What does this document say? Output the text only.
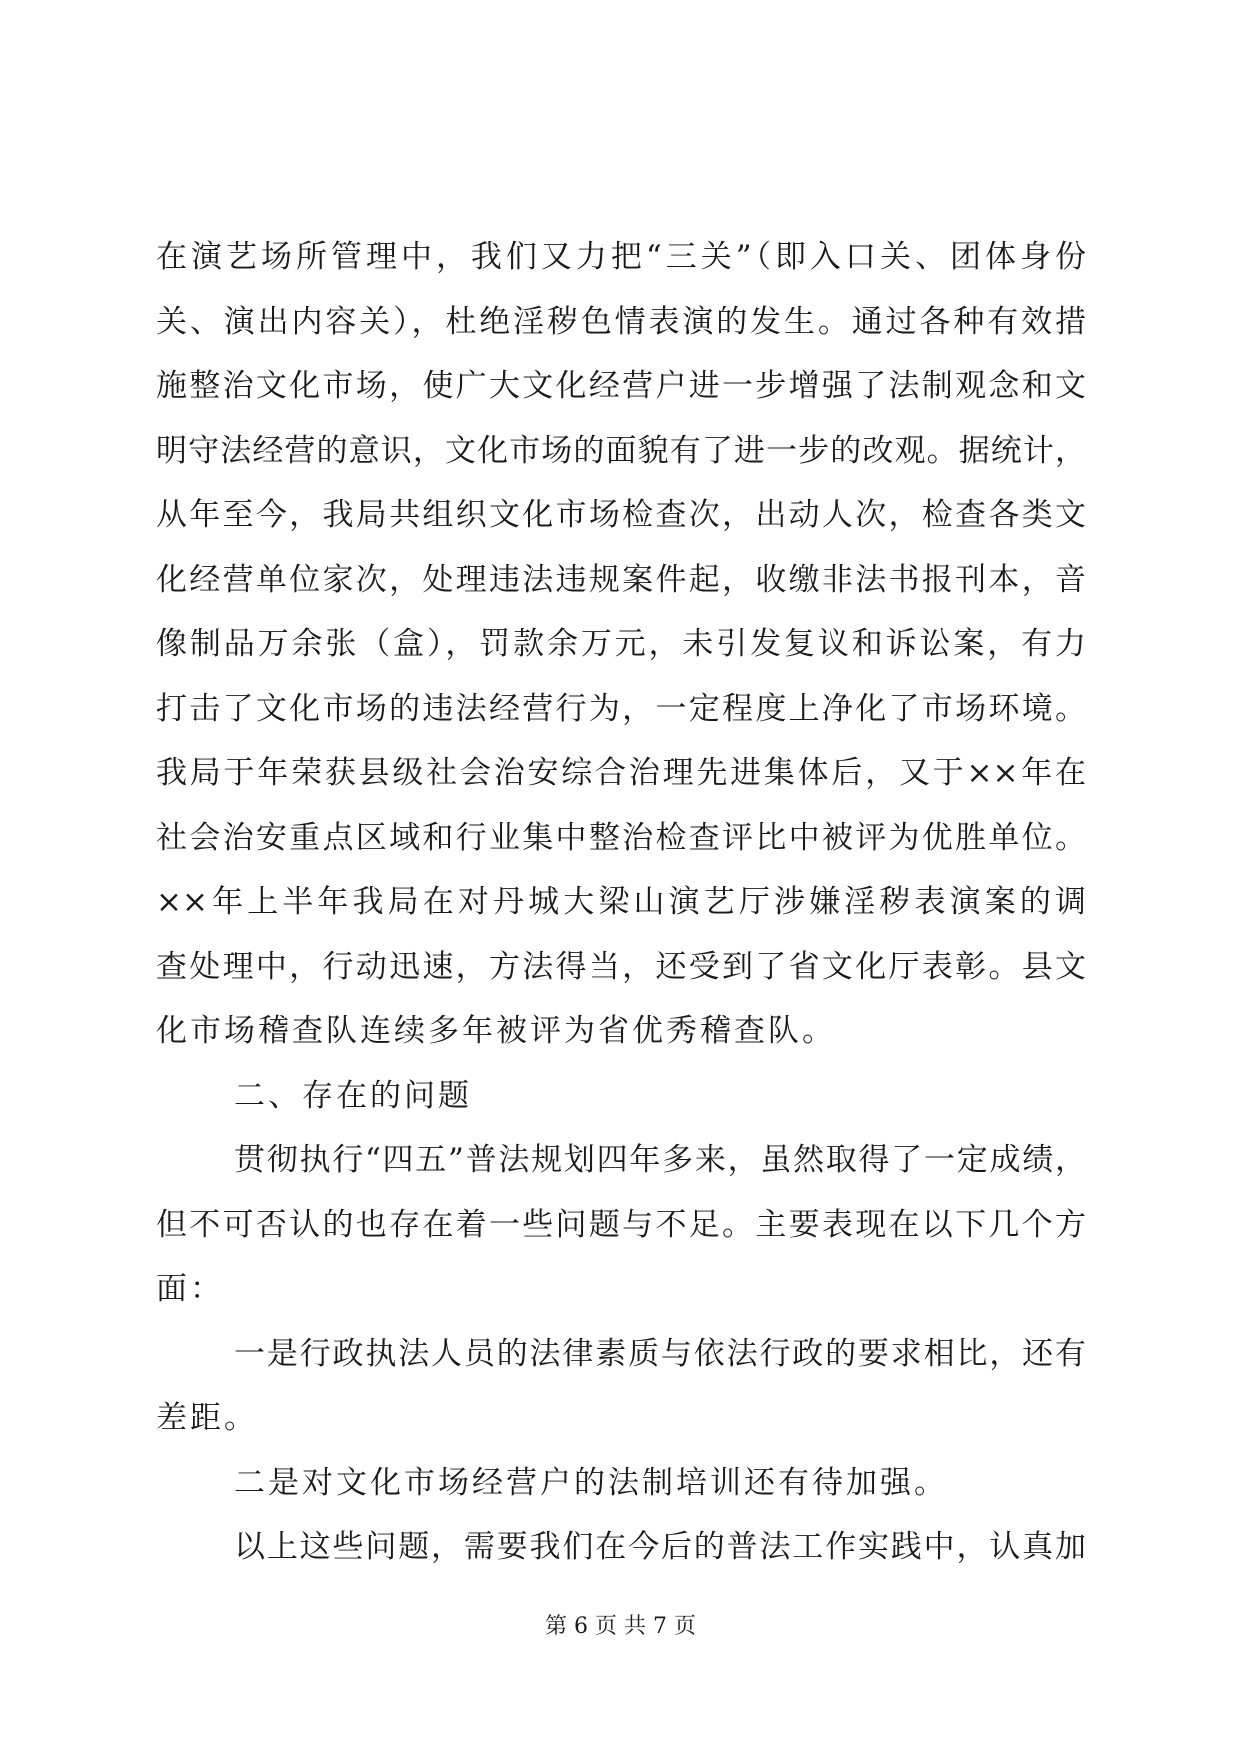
在演艺场所管理中，我们又力把“三关”（即入口关、团体身份
关、演出内容关），杜绝淫秽色情表演的发生。通过各种有效措
施整治文化市场，使广大文化经营户进一步增强了法制观念和文
明守法经营的意识，文化市场的面貌有了进一步的改观。据统计，
从年至今，我局共组织文化市场检查次，出动人次，检查各类文
化经营单位家次，处理违法违规案件起，收缴非法书报刊本，音
像制品万余张（盒），罚款余万元，未引发复议和诉讼案，有力
打击了文化市场的违法经营行为，一定程度上净化了市场环境。
我局于年荣获县级社会治安综合治理先进集体后，又于××年在
社会治安重点区域和行业集中整治检查评比中被评为优胜单位。
××年上半年我局在对丹城大梁山演艺厅涉嫌淫秽表演案的调
查处理中，行动迅速，方法得当，还受到了省文化厅表彰。县文
化市场稽查队连续多年被评为省优秀稽查队。
二、存在的问题
贯彻执行“四五”普法规划四年多来，虽然取得了一定成绩，
但不可否认的也存在着一些问题与不足。主要表现在以下几个方
面：
一是行政执法人员的法律素质与依法行政的要求相比，还有
差距。
二是对文化市场经营户的法制培训还有待加强。
以上这些问题，需要我们在今后的普法工作实践中，认真加
第 6 页 共 7 页
